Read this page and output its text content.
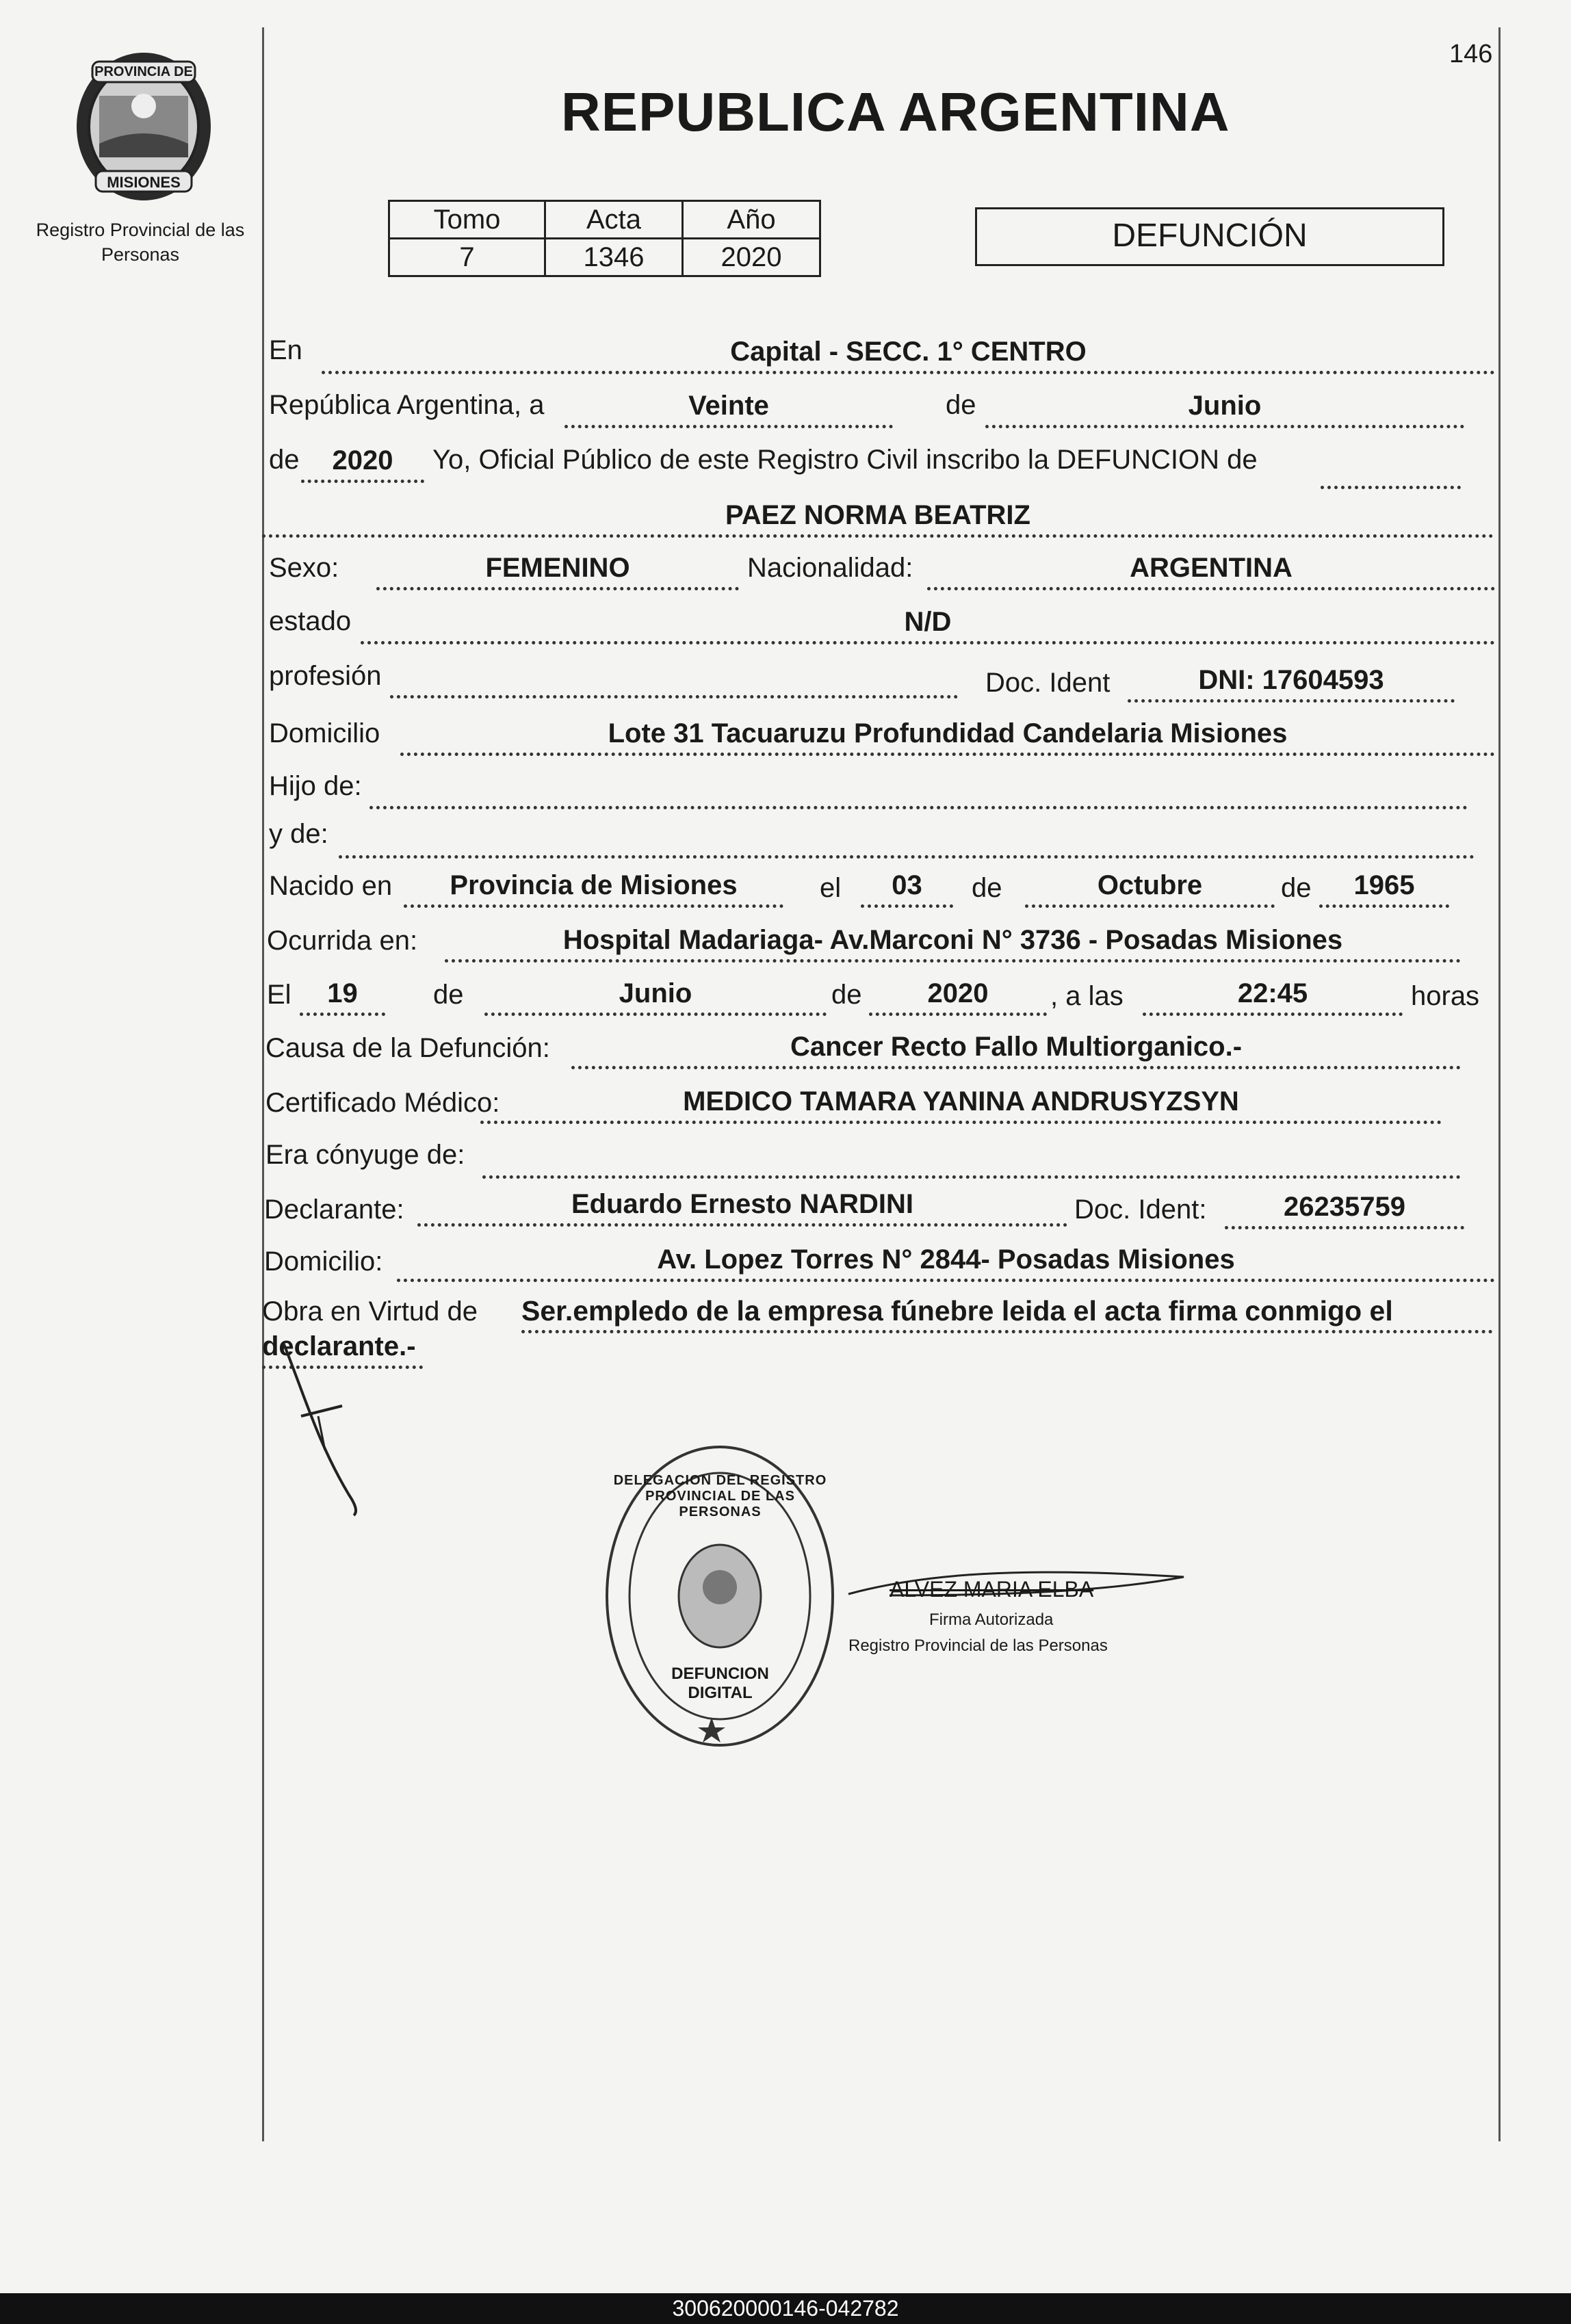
146
PROVINCIA DE
MISIONES
Registro Provincial de las Personas
REPUBLICA ARGENTINA
Tomo	Acta	Año
7	1346	2020
DEFUNCIÓN
En	Capital - SECC. 1° CENTRO
República Argentina, a	Veinte	de	Junio
de	2020	Yo, Oficial Público de este Registro Civil inscribo la DEFUNCION de
PAEZ NORMA BEATRIZ
Sexo:	FEMENINO	Nacionalidad:	ARGENTINA
estado	N/D
profesión	Doc. Ident	DNI: 17604593
Domicilio	Lote 31 Tacuaruzu Profundidad Candelaria Misiones
Hijo de:
y de:
Nacido en	Provincia de Misiones	el	03	de	Octubre	de	1965
Ocurrida en:	Hospital Madariaga- Av.Marconi N° 3736 - Posadas Misiones
El	19	de	Junio	de	2020	, a las	22:45	horas
Causa de la Defunción:	Cancer Recto Fallo Multiorganico.-
Certificado Médico:	MEDICO TAMARA YANINA ANDRUSYZSYN
Era cónyuge de:
Declarante:	Eduardo Ernesto NARDINI	Doc. Ident:	26235759
Domicilio:	Av. Lopez Torres N° 2844- Posadas Misiones
Obra en Virtud de Ser.empledo de la empresa fúnebre leida el acta firma conmigo el
declarante.-
DELEGACION DEL REGISTRO PROVINCIAL DE LAS PERSONAS
DEFUNCION DIGITAL
ALVEZ MARIA ELBA
Firma Autorizada
Registro Provincial de las Personas
300620000146-042782
